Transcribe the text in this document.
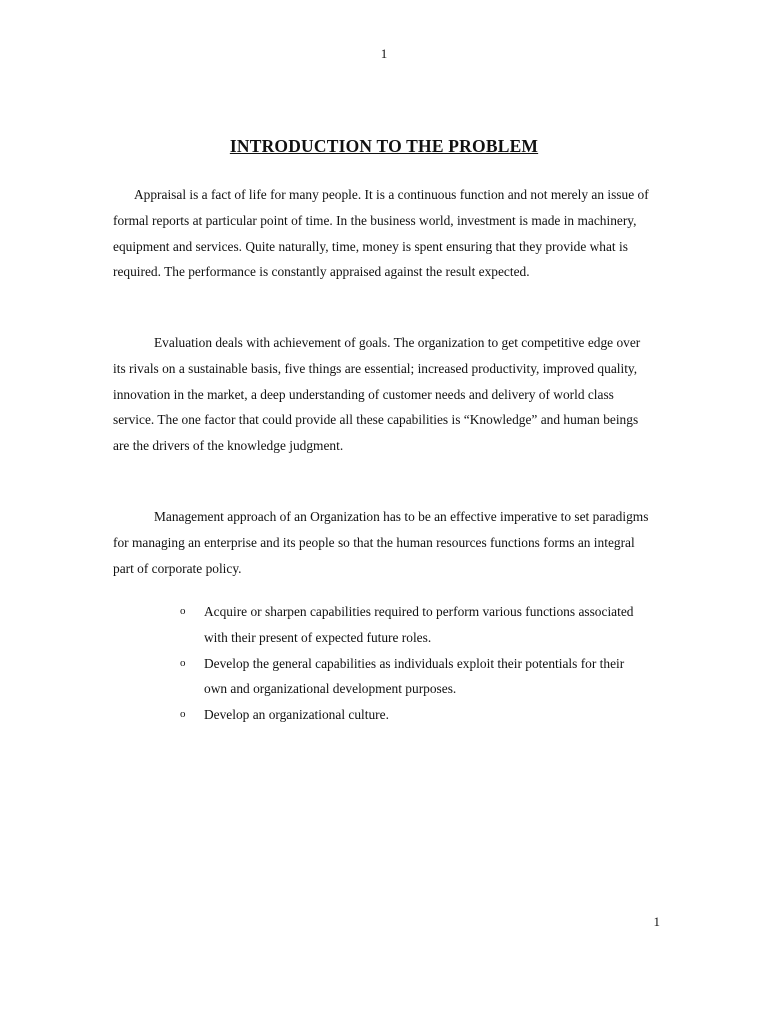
1
INTRODUCTION TO THE PROBLEM

Appraisal is a fact of life for many people. It is a continuous function and not merely an issue of formal reports at particular point of time. In the business world, investment is made in machinery, equipment and services. Quite naturally, time, money is spent ensuring that they provide what is required. The performance is constantly appraised against the result expected.

Evaluation deals with achievement of goals. The organization to get competitive edge over its rivals on a sustainable basis, five things are essential; increased productivity, improved quality, innovation in the market, a deep understanding of customer needs and delivery of world class service. The one factor that could provide all these capabilities is “Knowledge” and human beings are the drivers of the knowledge judgment.

Management approach of an Organization has to be an effective imperative to set paradigms for managing an enterprise and its people so that the human resources functions forms an integral part of corporate policy.

o Acquire or sharpen capabilities required to perform various functions associated with their present of expected future roles.
o Develop the general capabilities as individuals exploit their potentials for their own and organizational development purposes.
o Develop an organizational culture.
1
